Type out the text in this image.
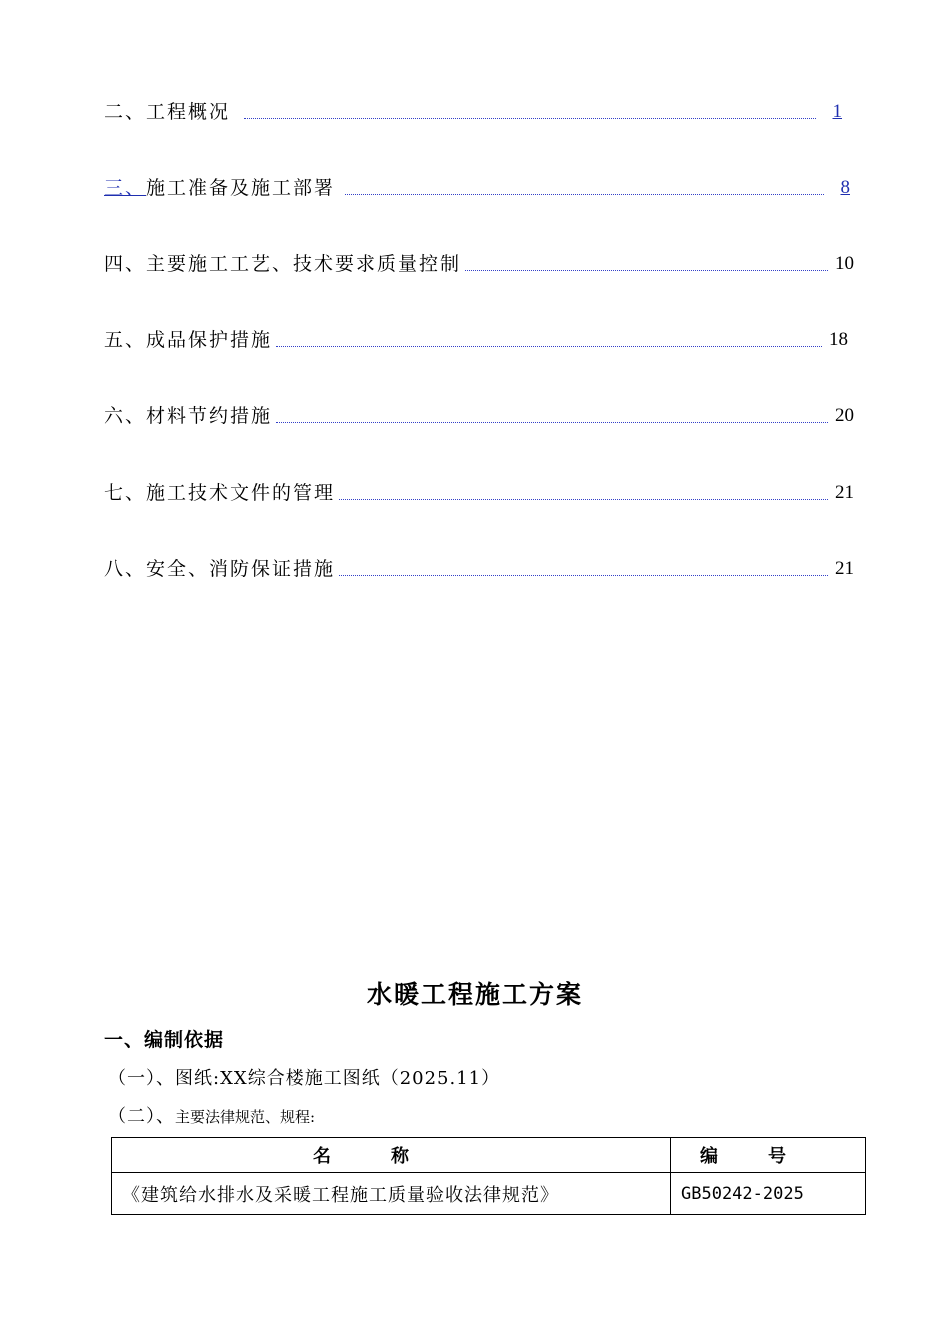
二、工程概况	1
三、施工准备及施工部署	8
四、主要施工工艺、技术要求质量控制	10
五、成品保护措施	18
六、材料节约措施	20
七、施工技术文件的管理	21
八、安全、消防保证措施	21
水暖工程施工方案
一、编制依据
（一）、图纸:XX综合楼施工图纸（2025.11）
（二）、主要法律规范、规程:
名称	编号
《建筑给水排水及采暖工程施工质量验收法律规范》	GB50242-2025
